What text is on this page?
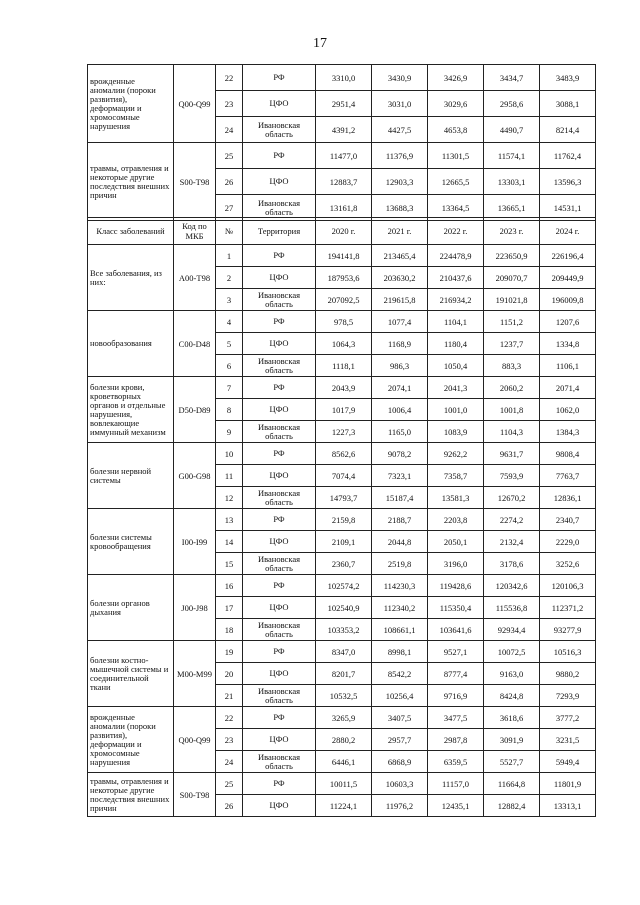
17
врожденные аномалии (пороки развития), деформации и хромосомные нарушения	Q00-Q99	22	РФ	3310,0	3430,9	3426,9	3434,7	3483,9
		23	ЦФО	2951,4	3031,0	3029,6	2958,6	3088,1
		24	Ивановская область	4391,2	4427,5	4653,8	4490,7	8214,4
травмы, отравления и некоторые другие последствия внешних причин	S00-T98	25	РФ	11477,0	11376,9	11301,5	11574,1	11762,4
		26	ЦФО	12883,7	12903,3	12665,5	13303,1	13596,3
		27	Ивановская область	13161,8	13688,3	13364,5	13665,1	14531,1
Класс заболеваний	Код по МКБ	№	Территория	2020 г.	2021 г.	2022 г.	2023 г.	2024 г.
Все заболевания, из них:	A00-T98	1	РФ	194141,8	213465,4	224478,9	223650,9	226196,4
		2	ЦФО	187953,6	203630,2	210437,6	209070,7	209449,9
		3	Ивановская область	207092,5	219615,8	216934,2	191021,8	196009,8
новообразования	C00-D48	4	РФ	978,5	1077,4	1104,1	1151,2	1207,6
		5	ЦФО	1064,3	1168,9	1180,4	1237,7	1334,8
		6	Ивановская область	1118,1	986,3	1050,4	883,3	1106,1
болезни крови, кроветворных органов и отдельные нарушения, вовлекающие иммунный механизм	D50-D89	7	РФ	2043,9	2074,1	2041,3	2060,2	2071,4
		8	ЦФО	1017,9	1006,4	1001,0	1001,8	1062,0
		9	Ивановская область	1227,3	1165,0	1083,9	1104,3	1384,3
болезни нервной системы	G00-G98	10	РФ	8562,6	9078,2	9262,2	9631,7	9808,4
		11	ЦФО	7074,4	7323,1	7358,7	7593,9	7763,7
		12	Ивановская область	14793,7	15187,4	13581,3	12670,2	12836,1
болезни системы кровообращения	I00-I99	13	РФ	2159,8	2188,7	2203,8	2274,2	2340,7
		14	ЦФО	2109,1	2044,8	2050,1	2132,4	2229,0
		15	Ивановская область	2360,7	2519,8	3196,0	3178,6	3252,6
болезни органов дыхания	J00-J98	16	РФ	102574,2	114230,3	119428,6	120342,6	120106,3
		17	ЦФО	102540,9	112340,2	115350,4	115536,8	112371,2
		18	Ивановская область	103353,2	108661,1	103641,6	92934,4	93277,9
болезни костно-мышечной системы и соединительной ткани	M00-M99	19	РФ	8347,0	8998,1	9527,1	10072,5	10516,3
		20	ЦФО	8201,7	8542,2	8777,4	9163,0	9880,2
		21	Ивановская область	10532,5	10256,4	9716,9	8424,8	7293,9
врожденные аномалии (пороки развития), деформации и хромосомные нарушения	Q00-Q99	22	РФ	3265,9	3407,5	3477,5	3618,6	3777,2
		23	ЦФО	2880,2	2957,7	2987,8	3091,9	3231,5
		24	Ивановская область	6446,1	6868,9	6359,5	5527,7	5949,4
травмы, отравления и некоторые другие последствия внешних причин	S00-T98	25	РФ	10011,5	10603,3	11157,0	11664,8	11801,9
		26	ЦФО	11224,1	11976,2	12435,1	12882,4	13313,1
